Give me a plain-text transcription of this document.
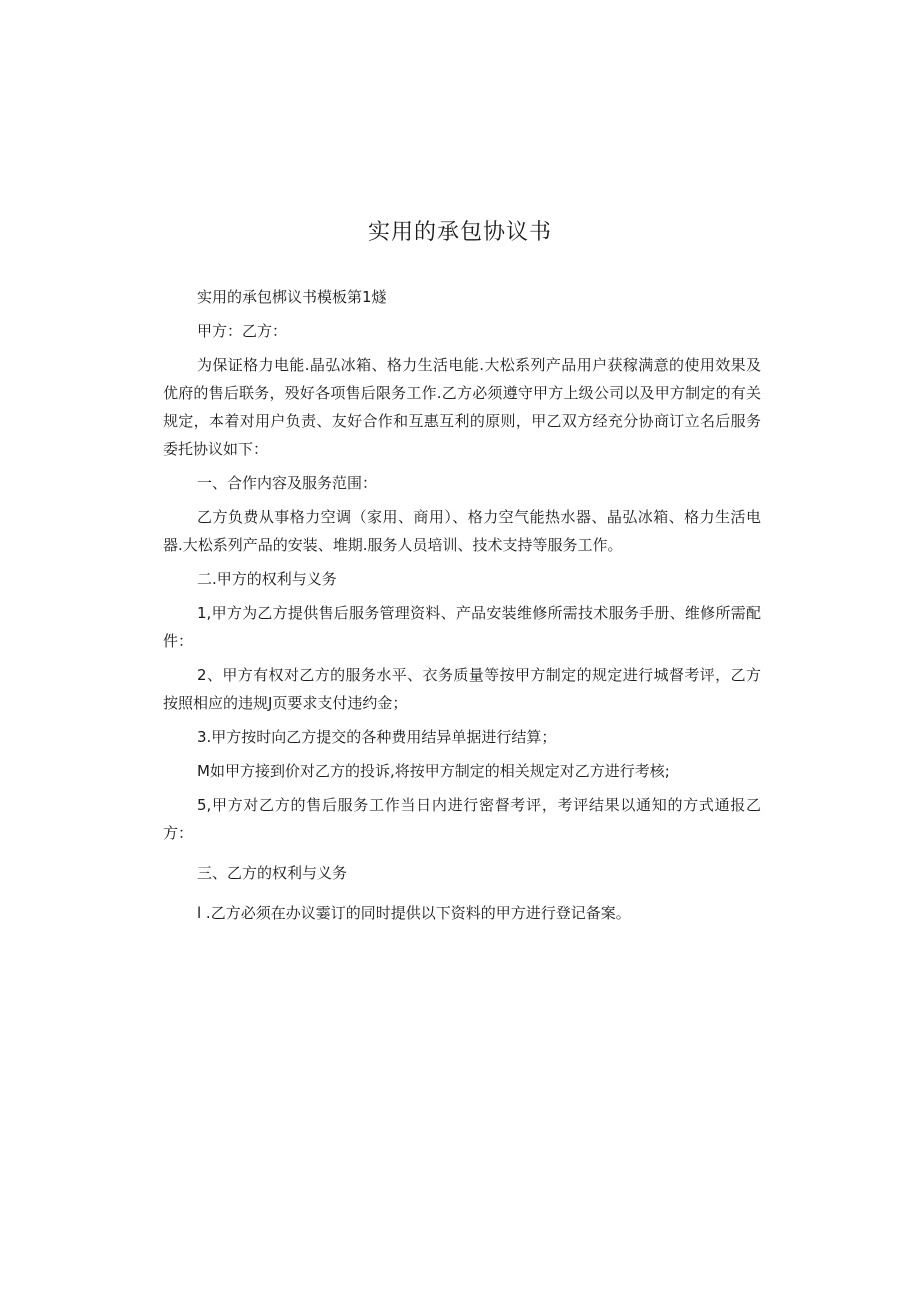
实用的承包协议书

实用的承包梆议书模板第1燧

甲方：乙方：

为保证格力电能.晶弘冰箱、格力生活电能.大松系列产品用户获稼满意的使用效果及优府的售后联务，殁好各项售后限务工作.乙方必须遵守甲方上级公司以及甲方制定的有关规定，本着对用户负责、友好合作和互惠互利的原则，甲乙双方经充分协商订立名后服务委托协议如下：

一、合作内容及服务范围：

乙方负费从事格力空调（家用、商用）、格力空气能热水器、晶弘冰箱、格力生活电器.大松系列产品的安装、堆期.服务人员培训、技术支持等服务工作。

二.甲方的权利与义务

1,甲方为乙方提供售后服务管理资料、产品安装维修所需技术服务手册、维修所需配件：

2、甲方有权对乙方的服务水平、衣务质量等按甲方制定的规定进行城督考评，乙方按照相应的违规J页要求支付违约金；

3.甲方按时向乙方提交的各种费用结异单据进行结算；

M如甲方接到价对乙方的投诉,将按甲方制定的相关规定对乙方进行考核;

5,甲方对乙方的售后服务工作当日内进行密督考评，考评结果以通知的方式通报乙方：

三、乙方的权利与义务

l .乙方必须在办议霎订的同时提供以下资料的甲方进行登记备案。
